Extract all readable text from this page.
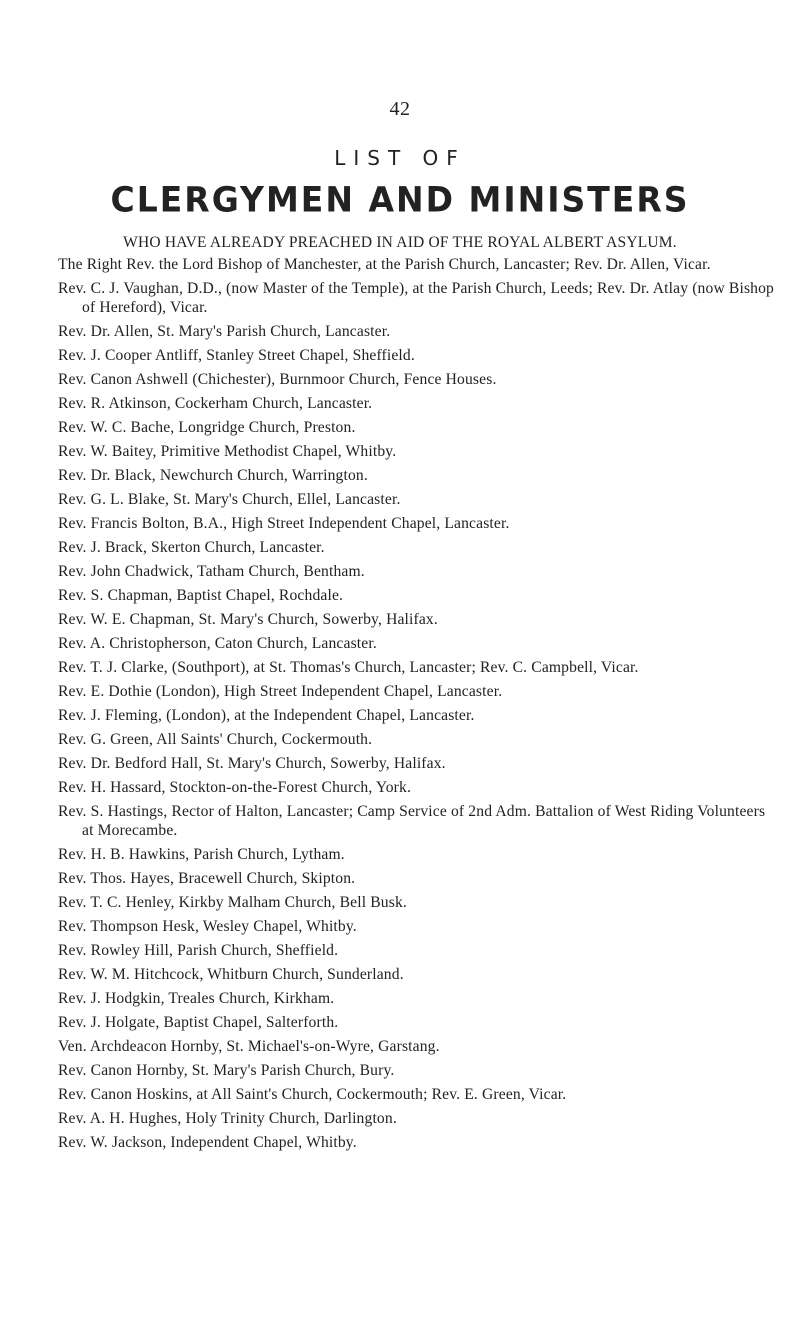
42
LIST OF
CLERGYMEN AND MINISTERS
WHO HAVE ALREADY PREACHED IN AID OF THE ROYAL ALBERT ASYLUM.
The Right Rev. the Lord Bishop of Manchester, at the Parish Church, Lancaster; Rev. Dr. Allen, Vicar.
Rev. C. J. Vaughan, D.D., (now Master of the Temple), at the Parish Church, Leeds; Rev. Dr. Atlay (now Bishop of Hereford), Vicar.
Rev. Dr. Allen, St. Mary's Parish Church, Lancaster.
Rev. J. Cooper Antliff, Stanley Street Chapel, Sheffield.
Rev. Canon Ashwell (Chichester), Burnmoor Church, Fence Houses.
Rev. R. Atkinson, Cockerham Church, Lancaster.
Rev. W. C. Bache, Longridge Church, Preston.
Rev. W. Baitey, Primitive Methodist Chapel, Whitby.
Rev. Dr. Black, Newchurch Church, Warrington.
Rev. G. L. Blake, St. Mary's Church, Ellel, Lancaster.
Rev. Francis Bolton, B.A., High Street Independent Chapel, Lancaster.
Rev. J. Brack, Skerton Church, Lancaster.
Rev. John Chadwick, Tatham Church, Bentham.
Rev. S. Chapman, Baptist Chapel, Rochdale.
Rev. W. E. Chapman, St. Mary's Church, Sowerby, Halifax.
Rev. A. Christopherson, Caton Church, Lancaster.
Rev. T. J. Clarke, (Southport), at St. Thomas's Church, Lancaster; Rev. C. Campbell, Vicar.
Rev. E. Dothie (London), High Street Independent Chapel, Lancaster.
Rev. J. Fleming, (London), at the Independent Chapel, Lancaster.
Rev. G. Green, All Saints' Church, Cockermouth.
Rev. Dr. Bedford Hall, St. Mary's Church, Sowerby, Halifax.
Rev. H. Hassard, Stockton-on-the-Forest Church, York.
Rev. S. Hastings, Rector of Halton, Lancaster; Camp Service of 2nd Adm. Battalion of West Riding Volunteers at Morecambe.
Rev. H. B. Hawkins, Parish Church, Lytham.
Rev. Thos. Hayes, Bracewell Church, Skipton.
Rev. T. C. Henley, Kirkby Malham Church, Bell Busk.
Rev. Thompson Hesk, Wesley Chapel, Whitby.
Rev. Rowley Hill, Parish Church, Sheffield.
Rev. W. M. Hitchcock, Whitburn Church, Sunderland.
Rev. J. Hodgkin, Treales Church, Kirkham.
Rev. J. Holgate, Baptist Chapel, Salterforth.
Ven. Archdeacon Hornby, St. Michael's-on-Wyre, Garstang.
Rev. Canon Hornby, St. Mary's Parish Church, Bury.
Rev. Canon Hoskins, at All Saint's Church, Cockermouth; Rev. E. Green, Vicar.
Rev. A. H. Hughes, Holy Trinity Church, Darlington.
Rev. W. Jackson, Independent Chapel, Whitby.
